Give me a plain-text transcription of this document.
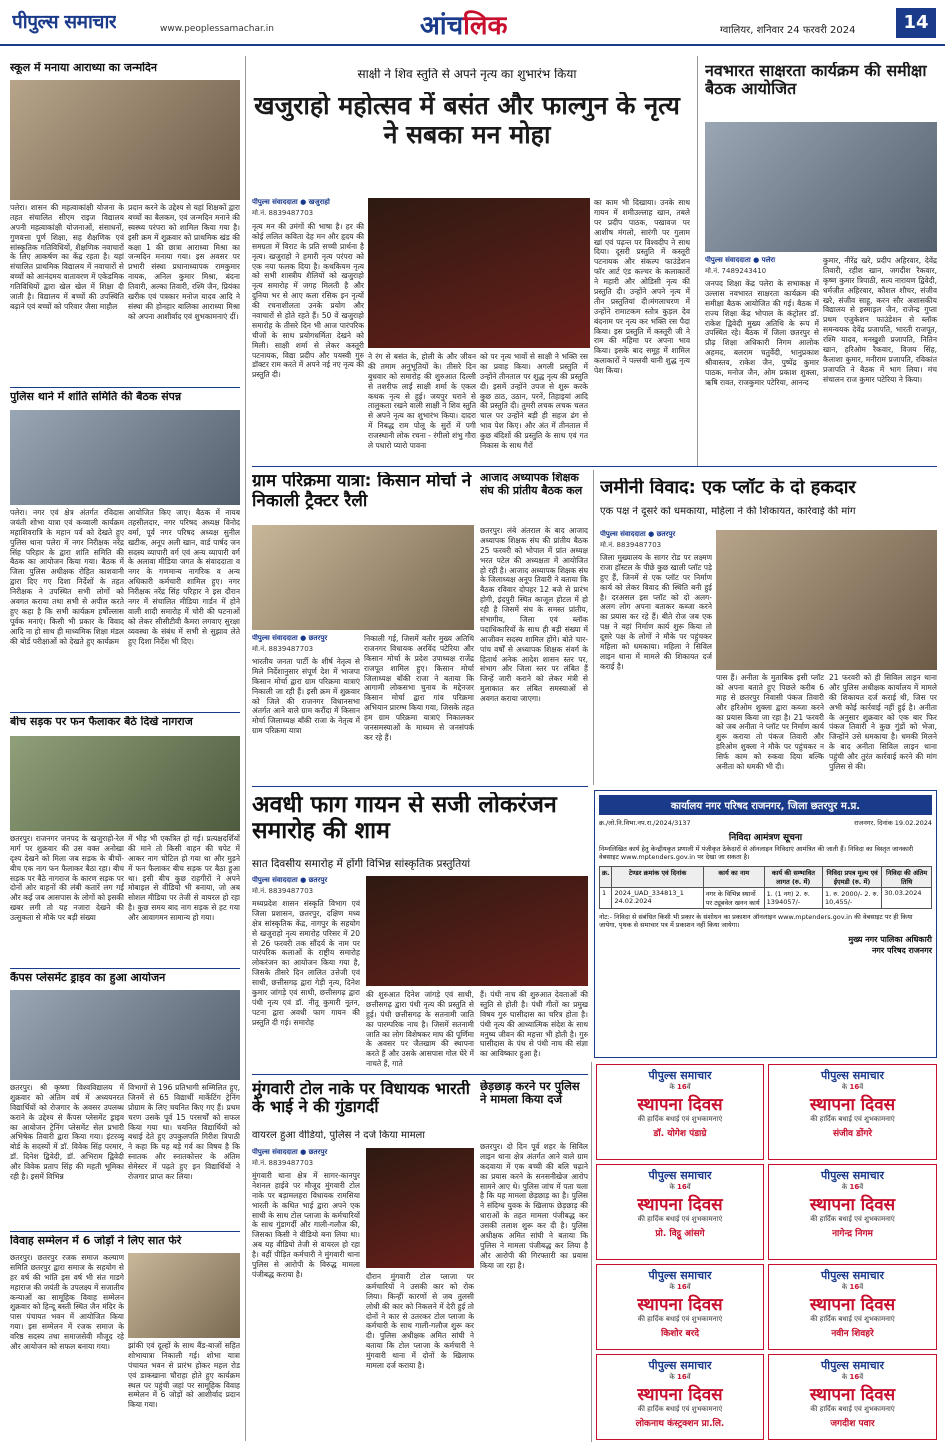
पीपुल्स समाचार	www.peoplessamachar.in	आंचलिक	ग्वालियर, शनिवार 24 फरवरी 2024	14
स्कूल में मनाया आराध्या का जन्मदिन
पलेरा। शासन की महत्वाकांक्षी योजना के तहत संचालित सीएम राइज विद्यालय अपनी महत्वाकांक्षी योजनाओं, संसाधनों, गुणवत्ता पूर्ण शिक्षा, सह शैक्षणिक एवं सांस्कृतिक गतिविधियों, शैक्षणिक नवाचारों के लिए आकर्षण का केंद्र रहता है। यहां संचालित प्राथमिक विद्यालय में नवाचारों से बच्चों को आनंदमय वातावरण में एकेडमिक गतिविधियों द्वारा खेल खेल में शिक्षा दी जाती है। विद्यालय में बच्चों की उपस्थिति बढ़ाने एवं बच्चों को परिवार जैसा माहौल
प्रदान करने के उद्देश्य से यहां शिक्षकों द्वारा बच्चों का बैलकम, एवं जन्मदिन मनाने की स्वस्थ्य परंपरा को शामिल किया गया है। इसी क्रम में शुक्रवार को प्राथमिक खंड की कक्षा 1 की छात्रा आराध्या मिश्रा का जन्मदिन मनाया गया। इस अवसर पर प्रभारी संस्था प्रधानाध्यापक रामकुमार नायक, अनिल कुमार मिश्रा, बंदना तिवारी, अल्का तिवारी, रश्मि जैन, प्रियंका खरीक एवं पत्रकार मनोज यादव आदि ने संस्था की होनहार बालिका आराध्या मिश्रा को अपना आशीर्वाद एवं शुभकामनाएं दीं।
पुलिस थाने में शांति समिति की बैठक संपन्न
पलेरा। नगर एवं क्षेत्र अंतर्गत रविदास जयंती शोभा यात्रा एवं कव्वाली कार्यक्रम महाशिवरात्रि के महान पर्व को देखते हुए पुलिस थाना पलेरा में नगर निरीक्षक नरेंद्र सिंह परिहार के द्वारा शांति समिति की बैठक का आयोजन किया गया। बैठक में जिला पुलिस अधीक्षक रोहित काशवानी द्वारा दिए गए दिशा निर्देशों के तहत निरीक्षक ने उपस्थित सभी लोगों को अवगत कराया तथा सभी से अपील करते हुए कहा है कि सभी कार्यक्रम हर्षोल्लास पूर्वक मनाएं। किसी भी प्रकार के विवाद आदि ना हो साथ ही माध्यमिक शिक्षा मंडल की बोर्ड परीक्षाओं को देखते हुए कार्यक्रम
आयोजित किए जाए। बैठक में नायब तहसीलदार, नगर परिषद अध्यक्ष विनोद वर्मा, पूर्व नगर परिषद अध्यक्ष सुनील खटीक, अनूप अली खान, वार्ड पार्षद जन सदस्य व्यापारी वर्ग एवं अन्य व्यापारी वर्ग के अलावा मीडिया जगत के संवाददाता व नगर के गणमान्य नागरिक व अन्य अधिकारी कर्मचारी शामिल हुए। नगर निरीक्षक नरेंद्र सिंह परिहार ने इस दौरान नगर में संचालित मीडिया गार्डन में होने वाली शादी समारोह में चोरी की घटनाओं को लेकर सीसीटीवी कैमरा लगवाए सुरक्षा व्यवस्था के संबंध में सभी से सुझाव लेते हुए दिशा निर्देश भी दिए।
बीच सड़क पर फन फैलाकर बैठे दिखे नागराज
छतरपुर। राजनगर जनपद के खजुराहो-रेल मार्ग पर शुक्रवार की उस वक्त अनोखा दृश्य देखने को मिला जब सड़क के बीचों-बीच एक नाग फन फैलाकर बैठा रहा। बीच सड़क पर बैठे नागराज के कारण सड़क पर दोनों ओर वाहनों की लंबी कतारें लग गईं और कई जब आसपास के लोगों को इसकी खबर लगी तो यह नजारा देखने की उत्सुकता से मौके पर बड़ी संख्या
में भीड़ भी एकत्रित हो गई। प्रत्यक्षदर्शियों की माने तो किसी वाहन की चपेट में आकर नाग चोटिल हो गया था और मुड़ने में फन फैलाकर बीच सड़क पर बैठा हुआ था। इसी बीच कुछ राहगीरों ने अपने मोबाइल से वीडियो भी बनाया, जो अब सोशल मीडिया पर तेजी से वायरल हो रहा है। कुछ समय बाद नाग सड़क से हट गया और आवागमन सामान्य हो गया।
कैंपस प्लेसमेंट ड्राइव का हुआ आयोजन
छतरपुर। श्री कृष्णा विश्वविद्यालय में शुक्रवार को अंतिम वर्ष में अध्ययनरत विद्यार्थियों को रोजगार के अवसर उपलब्ध कराने के उद्देश्य से कैंपस प्लेसमेंट ड्राइव का आयोजन ट्रेनिंग प्लेसमेंट सेल प्रभारी अभिषेक तिवारी द्वारा किया गया। इंटरव्यू बोर्ड के सदस्यों में डॉ. विवेक सिंह परमार, डॉ. दिनेश द्विवेदी, डॉ. अभिराम द्विवेदी और विवेक प्रताप सिंह की महती भूमिका रही है। इसमें विभिन्न
विभागों से 196 प्रतिभागी सम्मिलित हुए, जिनमें से 65 विद्यार्थी मार्केटिंग ट्रेनिंग प्रोग्राम के लिए चयनित किए गए हैं। प्रथम चरण उसके पूर्व 15 परसर्चों को सफल किया गया था। चयनित विद्यार्थियों को बधाई देते हुए उपकुलपति गिरीश त्रिपाठी ने कहा कि यह बड़े गर्व का विषय है कि स्नातक और स्नातकोत्तर के अंतिम सेमेस्टर में पढ़ते हुए इन विद्यार्थियों ने रोजगार प्राप्त कर लिया।
विवाह सम्मेलन में 6 जोड़ों ने लिए सात फेरे
छतरपुर। छतरपुर रजक समाज कल्याण समिति छतरपुर द्वारा समाज के सहयोग से हर वर्ष की भांति इस वर्ष भी संत गाडगे महाराज की जयंती के उपलक्ष्य में सजातीय कन्याओं का सामूहिक विवाह सम्मेलन शुक्रवार को हिन्दू बस्ती स्थित जैन मंदिर के पास पंचायत भवन में आयोजित किया गया। इस सम्मेलन में रजक समाज के वरिष्ठ सदस्य तथा समाजसेवी मौजूद रहे और आयोजन को सफल बनाया गया।	झांकी एवं दूल्हों के साथ बैंड-बाजों सहित शोभायात्रा निकाली गई। शोभा यात्रा पंचायत भवन से प्रारंभ होकर महल रोड एवं डाकखाना चौराहा होते हुए कार्यक्रम स्थल पर पहुंची जहां पर सामूहिक विवाह सम्मेलन में 6 जोड़ों को आशीर्वाद प्रदान किया गया।
साक्षी ने शिव स्तुति से अपने नृत्य का शुभारंभ किया
खजुराहो महोत्सव में बसंत और फाल्गुन के नृत्य ने सबका मन मोहा
पीपुल्स संवाददाता ● खजुराहो
मो.नं. 8839487703
नृत्य मन की उमंगों की भाषा है। हर की कोई ललित कविता देह मन और हृदय की समग्रता में विराट के प्रति सच्ची प्रार्थना है नृत्य। खजुराहो ने हमारी नृत्य परंपरा को एक नया फलक दिया है। कथकियम नृत्य को सभी शास्त्रीय शैलियों को खजुराहो नृत्य समारोह में जगह मिलती है और दुनिया भर से आए कला रसिक इन नृत्यों की रचनाशीलता उनके प्रयोग और नवाचारों से होते रहते हैं। 50 वें खजुराहो समारोह के तीसरे दिन भी आज पारंपरिक चीजों के साथ प्रयोगधर्मिता देखने को मिली। साक्षी शर्मा से लेकर कस्तूरी पटनायक, विद्या प्रदीप और पयस्वी गुरु डॉक्टर राम करते में अपने नई नए नृत्य की प्रस्तुति दी।
ने रंग से बसंत के, होली के और जीवन की तमाम अनुभूतियों के। तीसरे दिन बुधवार को समारोह की शुरुआत दिल्ली से तशरीफ लाईं साक्षी शर्मा के एकल कथक नृत्य से हुई। जयपुर घराने से तालुकता रखने वाली साक्षी ने शिव स्तुति से अपने नृत्य का शुभारंभ किया। दादरा में निबद्ध राम पोलू के सुरों में पगी राजस्थानी लोक रचना - रंगीलो शंभु गौरा ले पधारो प्यारो पावना
को पर नृत्य भावों से साक्षी ने भक्ति रस का प्रवाह किया। अगली प्रस्तुति में उन्होंने तीनताल पर शुद्ध नृत्य की प्रस्तुति दी। इसमें उन्होंने उपज से शुरू करके कुछ ठाठ, उठान, परनें, तिहाइयां आदि की प्रस्तुति दी। तुमरी लचक लचक चलत चाल पर उन्होंने बड़ी ही सहज ढंग से भाव पेश किए। और अंत में तीनताल में कुछ बंदिशों की प्रस्तुति के साथ एवं गत निकास के साथ गैरों
का काम भी दिखाया। उनके साथ गायन में शमीउल्लाह खान, तबले पर प्रदीप पाठक, पखावज पर आशीष मंगलो, सारंगी पर गुलाम खां एवं पढ़न्त पर विश्वदीप ने साथ दिया। दूसरी प्रस्तुति में कस्तूरी पटनायक और संकल्प फाउंडेशन फॉर आर्ट एंड कल्चर के कलाकारों ने महारी और ओडिसी नृत्य की प्रस्तुति दी। उन्होंने अपने नृत्य में तीन प्रस्तुतियां दी।मंगलाचरण में उन्होंने रामाटकम स्तोत्र कुड़ल देव बंदनाम पर नृत्य कर भक्ति रस पैदा किया। इस प्रस्तुति में कस्तूरी जी ने राम की महिमा पर अपना भाव किया। इसके बाद समूह में शामिल कलाकारों ने पल्लवी यानी शुद्ध नृत्य पेश किया।
नवभारत साक्षरता कार्यक्रम की समीक्षा बैठक आयोजित
पीपुल्स संवाददाता ● पलेरा
मो.नं. 7489243410
जनपद शिक्षा केंद्र पलेरा के सभाकक्ष में उल्लास नवभारत साक्षरता कार्यक्रम की समीक्षा बैठक आयोजित की गई। बैठक में राज्य शिक्षा केंद्र भोपाल के कंट्रोलर डॉ. राकेश द्विवेदी मुख्य अतिथि के रूप में उपस्थित रहे। बैठक में जिला छतरपुर से प्रौढ़ शिक्षा अधिकारी निगम आलोक अहमद, बलराम चतुर्वेदी, भानुप्रकाश श्रीवास्तव, राकेश जैन, पुष्पेंद्र कुमार पाठक, मनोज जैन, ओम प्रकाश शुक्ला, ऋषि रावत, राजकुमार पटेरिया, आनन्द
कुमार, नीरेंद्र खरे, प्रदीप अहिरवार, देवेंद्र तिवारी, रहीश खान, जगदीश रैकवार, कृष्ण कुमार त्रिपाठी, सत्य नारायण द्विवेदी, धर्मजीत अहिरवार, कौशल शौचर, संजीव खरे, संजीव साहू, करन सौर अशासकीय विद्यालय से इस्माइल जैन, राजेन्द्र गुप्ता प्रथम एजुकेशन फाउंडेशन से ब्लॉक समन्वयक देवेंद्र प्रजापति, भारती राजपूत, रश्मि यादव, मनखुशी प्रजापति, नितिन खान, हरिओम रैकवार, विजय सिंह, कैलाशा कुमार, मनीराम प्रजापति, रविकांत प्रजापति ने बैठक में भाग लिया। मंच संचालन राज कुमार पटेरिया ने किया।
ग्राम परिक्रमा यात्रा: किसान मोर्चा ने निकाली ट्रैक्टर रैली
पीपुल्स संवाददाता ● छतरपुर
मो.नं. 8839487703
भारतीय जनता पार्टी के शीर्ष नेतृत्व से मिले निर्देशानुसार संपूर्ण देश में भाजपा किसान मोर्चा द्वारा ग्राम परिक्रमा यात्राएं निकाली जा रही हैं। इसी क्रम में शुक्रवार को जिले की राजनगर विधानसभा अंतर्गत आने वाले ग्राम करौंदा में किसान मोर्चा जिलाध्यक्ष बाँकी राजा के नेतृत्व में ग्राम परिक्रमा यात्रा
निकाली गई, जिसमें बतौर मुख्य अतिथि राजनगर विधायक अरविंद पटेरिया और किसान मोर्चा के प्रदेश उपाध्यक्ष राजेंद्र राजपूत शामिल हुए। किसान मोर्चा जिलाध्यक्ष बाँकी राजा ने बताया कि आगामी लोकसभा चुनाव के मद्देनजर किसान मोर्चा द्वारा गांव परिक्रमा अभियान प्रारम्भ किया गया, जिसके तहत हम ग्राम परिक्रमा यात्राएं निकालकर जनसमस्याओं के माध्यम से जनसंपर्क कर रहे हैं।
आजाद अध्यापक शिक्षक संघ की प्रांतीय बैठक कल
छतरपुर। लंबे अंतराल के बाद आजाद अध्यापक शिक्षक संघ की प्रांतीय बैठक 25 फरवरी को भोपाल में प्रांत अध्यक्ष भरत पटेल की अध्यक्षता में आयोजित हो रही है। आजाद अध्यापक शिक्षक संघ के जिलाध्यक्ष अनूप तिवारी ने बताया कि बैठक रविवार दोपहर 12 बजे से प्रारंभ होगी, इंदपुरी स्थित काजूल होटल में हो रही है जिसमें संघ के समस्त प्रांतीय, संभागीय, जिला एवं ब्लॉक पदाधिकारियों के साथ ही बड़ी संख्या में आजीवन सदस्य शामिल होंगे। बोते चार-पांच वर्षों से अध्यापक शिक्षक संवर्ग के हितार्थ अनेक आदेश शासन स्तर पर, संभाग और जिला स्तर पर लंबित हैं जिन्हें जारी कराने को लेकर मंत्री से मुलाकात कर लंबित समस्याओं से अवगत कराया जाएगा।
जमीनी विवाद: एक प्लॉट के दो हकदार
एक पक्ष ने दूसरे को धमकाया, महिला ने की शिकायत, कार्रवाई की मांग
पीपुल्स संवाददाता ● छतरपुर
मो.नं. 8839487703
जिला मुख्यालय के सागर रोड पर लक्ष्मण राजा हॉस्टल के पीछे कुछ खाली प्लॉट पड़े हुए हैं, जिनमें से एक प्लॉट पर निर्माण कार्य को लेकर विवाद की स्थिति बनी हुई है। दरअसल इस प्लॉट को दो अलग-अलग लोग अपना बताकर कब्जा करने का प्रयास कर रहे हैं। बीते रोज जब एक पक्ष ने यहां निर्माण कार्य शुरू किया तो दूसरे पक्ष के लोगों ने मौके पर पहुंचकर महिला को धमकाया। महिला ने सिविल लाइन थाना में मामले की शिकायत दर्ज कराई है।
पास हैं। अनीता के मुताबिक इसी प्लॉट को अपना बताते हुए पिछले करीब 6 माह से छतरपुर निवासी पंकज तिवारी और हरिओम शुक्ला द्वारा कब्जा करने का प्रयास किया जा रहा है। 21 फरवरी को जब अनीता ने प्लॉट पर निर्माण कार्य शुरू कराया तो पंकज तिवारी और हरिओम शुक्ला ने मौके पर पहुंचकर न सिर्फ काम को रुकवा दिया बल्कि अनीता को धमकी भी दी।
21 फरवरी को ही सिविल लाइन थाना और पुलिस अधीक्षक कार्यालय में मामले की शिकायत दर्ज कराई थी, जिस पर अभी कोई कार्रवाई नहीं हुई है। अनीता के अनुसार शुक्रवार को एक बार फिर पंकज तिवारी ने कुछ गुंडों को भेजा, जिन्होंने उसे धमकाया है। धमकी मिलने के बाद अनीता सिविल लाइन थाना पहुंची और तुरंत कार्रवाई करने की मांग पुलिस से की।
अवधी फाग गायन से सजी लोकरंजन समारोह की शाम
सात दिवसीय समारोह में होंगी विभिन्न सांस्कृतिक प्रस्तुतियां
पीपुल्स संवाददाता ● छतरपुर
मो.नं. 8839487703
मध्यप्रदेश शासन संस्कृति विभाग एवं जिला प्रशासन, छतरपुर, दक्षिण मध्य क्षेत्र सांस्कृतिक केंद्र, नागपुर के सहयोग से खजुराहो नृत्य समारोह परिसर में 20 से 26 फरवरी तक सौंदर्य के नाम पर पारंपरिक कलाओं के राष्ट्रीय समारोह लोकरंजन का आयोजन किया गया है, जिसके तीसरे दिन लालित उत्तेजी एवं साथी, छत्तीसगढ़ द्वारा गेड़ी नृत्य, दिनेश कुमार जांगड़े एवं साथी, छत्तीसगढ़ द्वारा पंथी नृत्य एवं डॉ. नीतू कुमारी नूतन, पटना द्वारा अवधी फाग गायन की प्रस्तुति दी गई। समारोह
की शुरुआत दिनेश जांगड़े एवं साथी, छत्तीसगढ़ द्वारा पंथी नृत्य की प्रस्तुति से हुई। पंथी छत्तीसगढ़ के सतनामी जाति का पारम्परिक नाच है। जिसमें सतनामी जाति का लोग विशेषकर माघ की पूर्णिमा के अवसर पर जैतखाम की स्थापना करते हैं और उसके आसपास गोल घेरे में नाचते हैं, गाते
हैं। पंथी नाच की शुरुआत देवताओं की स्तुति से होती है। पंथी गीतों का प्रमुख विषय गुरु घासीदास का चरित्र होता है। पंथी नृत्य की आध्यात्मिक संदेश के साथ मनुष्य जीवन की महत्ता भी होती है। गुरु घासीदास के पंथ से पंथी नाच की संज्ञा का आविष्कार हुआ है।
कार्यालय नगर परिषद राजनगर, जिला छतरपुर म.प्र.
क्र./लो.नि.विभा.नप.रा./2024/3137	राजनगर, दिनांक 19.02.2024
निविदा आमंत्रण सूचना
निम्नलिखित कार्य हेतु केन्द्रीयकृत प्रणाली में पंजीकृत ठेकेदारों से ऑनलाइन निविदाएं आमंत्रित की जाती हैं। निविदा का विस्तृत जानकारी वेबसाइट www.mptenders.gov.in पर देखा जा सकता है।
क्र.	टेण्डर क्रमांक एवं दिनांक	कार्य का नाम	कार्य की सम्भावित लागत (रु. में)	निविदा प्रपत्र मूल्य एवं ईएमडी (रु. में)	निविदा की अंतिम तिथि
1	2024_UAD_334813_1 24.02.2024	नगर के विभिन्न स्थानों पर ट्यूबवेल खनन कार्य	1. (1 नग) 2. रु. 1394057/-	1. रु. 2000/- 2. रु. 10,455/-	30.03.2024
नोट:- निविदा से संबंधित किसी भी प्रकार के संशोधन का प्रकाशन ऑनलाइन www.mptenders.gov.in की वेबसाइट पर ही किया जायेगा, पृथक से समाचार पत्र में प्रकाशन नहीं किया जायेगा।
मुख्य नगर पालिका अधिकारी
नगर परिषद राजनगर
मुंगवारी टोल नाके पर विधायक भारती के भाई ने की गुंडागर्दी
वायरल हुआ वीडियो, पुलिस ने दर्ज किया मामला
पीपुल्स संवाददाता ● छतरपुर
मो.नं. 8839487703
मुंगवारी थाना क्षेत्र में सागर-कानपुर नेशनल हाईवे पर मौजूद मुंगवारी टोल नाके पर बड़ामलहरा विधायक रामसिया भारती के कथित भाई द्वारा अपने एक साथी के साथ टोल प्लाजा के कर्मचारियों के साथ गुंडागर्दी और गाली-गलौज की, जिसका किसी ने वीडियो बना लिया था। अब यह वीडियो तेजी से वायरल हो रहा है। वहीं पीड़ित कर्मचारी ने मुंगवारी थाना पुलिस से आरोपी के विरुद्ध मामला पंजीबद्ध कराया है।	दौरान मुंगवारी टोल प्लाजा पर कर्मचारियों ने उसकी कार को रोक लिया। किन्हीं कारणों से जब तुलसी लोधी की कार को निकलने में देरी हुई तो दोनों ने कार से उतरकर टोल प्लाजा के कर्मचारी के साथ गाली-गलौज शुरू कर दी। पुलिस अधीक्षक अमित सांघी ने बताया कि टोल प्लाजा के कर्मचारी ने मुंगवारी थाना में दोनों के खिलाफ मामला दर्ज कराया है।
छेड़छाड़ करने पर पुलिस ने मामला किया दर्ज
छतरपुर। दो दिन पूर्व शहर के सिविल लाइन थाना क्षेत्र अंतर्गत आने वाले ग्राम कदवाया में एक बच्ची की बलि चढ़ाने का प्रयास करने के सनसनीखेज आरोप सामने आए थे। पुलिस जांच में पता चला है कि यह मामला छेड़छाड़ का है। पुलिस ने संदिग्ध युवक के खिलाफ छेड़छाड़ की धाराओं के तहत मामला पंजीबद्ध कर उसकी तलाश शुरू कर दी है। पुलिस अधीक्षक अमित सांघी ने बताया कि पुलिस ने मामला पंजीबद्ध कर लिया है और आरोपी की गिरफ्तारी का प्रयास किया जा रहा है।
पीपुल्स समाचार
के 16वें
स्थापना दिवस
की हार्दिक बधाई एवं शुभकामनाएं
डॉ. योगेश पंडाग्रे
पीपुल्स समाचार
के 16वें
स्थापना दिवस
की हार्दिक बधाई एवं शुभकामनाएं
संजीव डोंगरे
पीपुल्स समाचार
के 16वें
स्थापना दिवस
की हार्दिक बधाई एवं शुभकामनाएं
प्रो. विट्ठू आंसगे
पीपुल्स समाचार
के 16वें
स्थापना दिवस
की हार्दिक बधाई एवं शुभकामनाएं
नागेन्द्र निगम
पीपुल्स समाचार
के 16वें
स्थापना दिवस
की हार्दिक बधाई एवं शुभकामनाएं
किशोर बरदे
पीपुल्स समाचार
के 16वें
स्थापना दिवस
की हार्दिक बधाई एवं शुभकामनाएं
नवीन शिवहरे
पीपुल्स समाचार
के 16वें
स्थापना दिवस
की हार्दिक बधाई एवं शुभकामनाएं
लोकनाथ कंस्ट्रक्शन प्रा.लि.
पीपुल्स समाचार
के 16वें
स्थापना दिवस
की हार्दिक बधाई एवं शुभकामनाएं
जगदीश पवार
